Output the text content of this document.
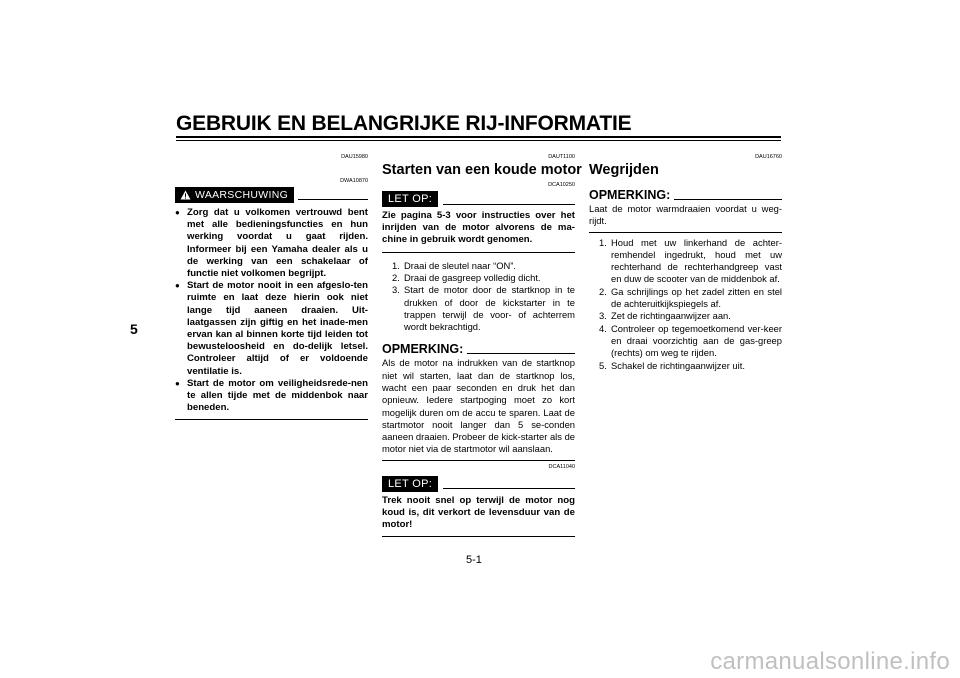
GEBRUIK EN BELANGRIJKE RIJ-INFORMATIE
5
DAU15980
DWA10870
WAARSCHUWING
● Zorg dat u volkomen vertrouwd bent met alle bedieningsfuncties en hun werking voordat u gaat rijden. Informeer bij een Yamaha dealer als u de werking van een schakelaar of functie niet volkomen begrijpt.
● Start de motor nooit in een afgeslo-ten ruimte en laat deze hierin ook niet lange tijd aaneen draaien. Uit-laatgassen zijn giftig en het inade-men ervan kan al binnen korte tijd leiden tot bewusteloosheid en do-delijk letsel. Controleer altijd of er voldoende ventilatie is.
● Start de motor om veiligheidsrede-nen te allen tijde met de middenbok naar beneden.
DAUT1100
Starten van een koude motor
DCA10250
LET OP:
Zie pagina 5-3 voor instructies over het inrijden van de motor alvorens de ma-chine in gebruik wordt genomen.
1. Draai de sleutel naar “ON”.
2. Draai de gasgreep volledig dicht.
3. Start de motor door de startknop in te drukken of door de kickstarter in te trappen terwijl de voor- of achterrem wordt bekrachtigd.
OPMERKING:
Als de motor na indrukken van de startknop niet wil starten, laat dan de startknop los, wacht een paar seconden en druk het dan opnieuw. Iedere startpoging moet zo kort mogelijk duren om de accu te sparen. Laat de startmotor nooit langer dan 5 se-conden aaneen draaien. Probeer de kick-starter als de motor niet via de startmotor wil aanslaan.
DCA11040
LET OP:
Trek nooit snel op terwijl de motor nog koud is, dit verkort de levensduur van de motor!
DAU16760
Wegrijden
OPMERKING:
Laat de motor warmdraaien voordat u weg-rijdt.
1. Houd met uw linkerhand de achter-remhendel ingedrukt, houd met uw rechterhand de rechterhandgreep vast en duw de scooter van de middenbok af.
2. Ga schrijlings op het zadel zitten en stel de achteruitkijkspiegels af.
3. Zet de richtingaanwijzer aan.
4. Controleer op tegemoetkomend ver-keer en draai voorzichtig aan de gas-greep (rechts) om weg te rijden.
5. Schakel de richtingaanwijzer uit.
5-1
carmanualsonline.info
